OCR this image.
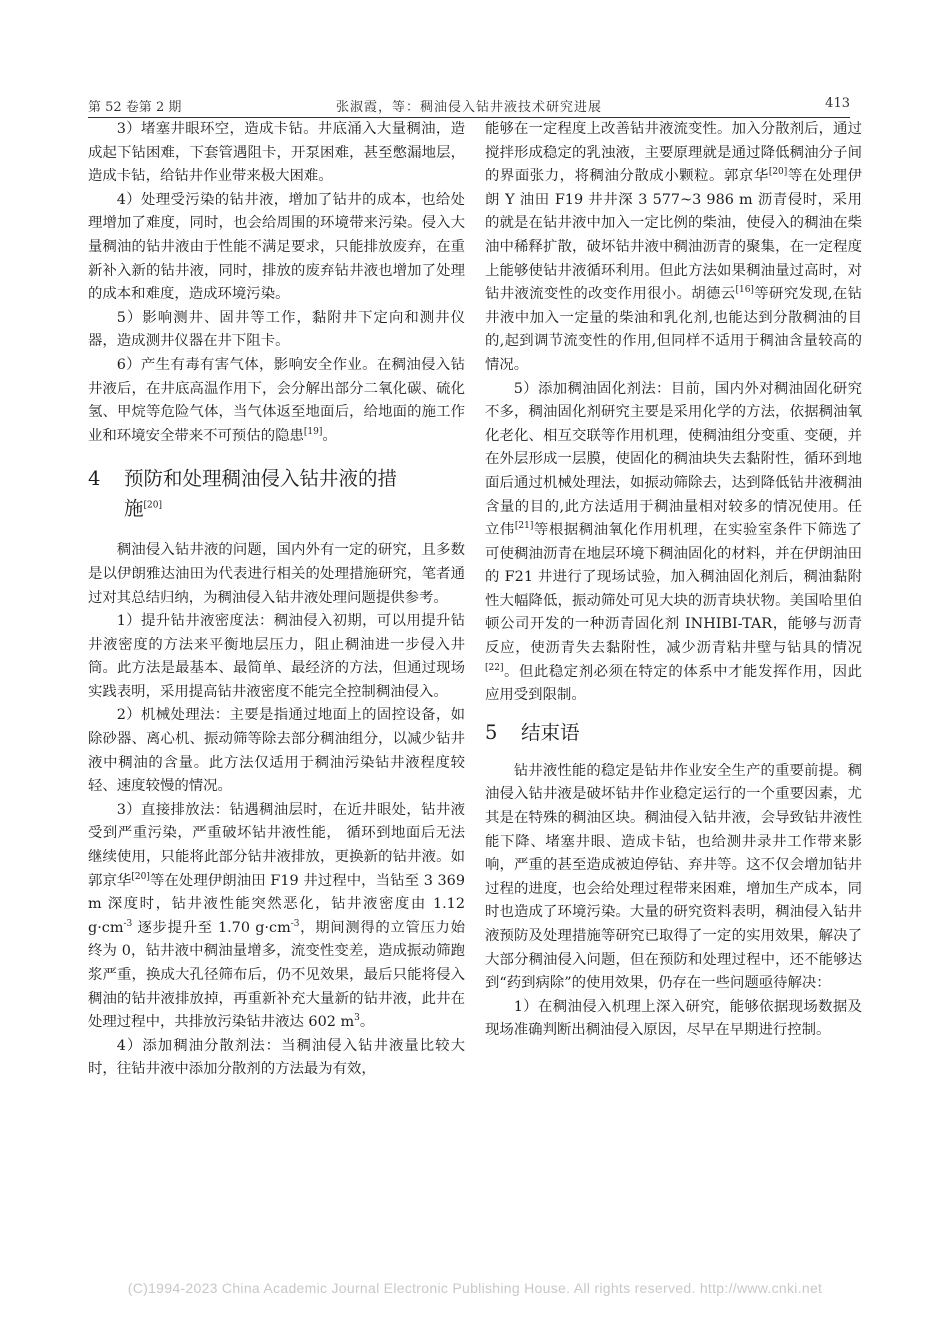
第 52 卷第 2 期	张淑霞，等：稠油侵入钻井液技术研究进展	413

3）堵塞井眼环空，造成卡钻。井底涌入大量稠油，造成起下钻困难，下套管遇阻卡，开泵困难，甚至憋漏地层，造成卡钻，给钻井作业带来极大困难。

4）处理受污染的钻井液，增加了钻井的成本，也给处理增加了难度，同时，也会给周围的环境带来污染。侵入大量稠油的钻井液由于性能不满足要求，只能排放废弃，在重新补入新的钻井液，同时，排放的废弃钻井液也增加了处理的成本和难度，造成环境污染。

5）影响测井、固井等工作，黏附井下定向和测井仪器，造成测井仪器在井下阻卡。

6）产生有毒有害气体，影响安全作业。在稠油侵入钻井液后，在井底高温作用下，会分解出部分二氧化碳、硫化氢、甲烷等危险气体，当气体返至地面后，给地面的施工作业和环境安全带来不可预估的隐患[19]。

4 预防和处理稠油侵入钻井液的措
施[20]

稠油侵入钻井液的问题，国内外有一定的研究，且多数是以伊朗雅达油田为代表进行相关的处理措施研究，笔者通过对其总结归纳，为稠油侵入钻井液处理问题提供参考。

1）提升钻井液密度法：稠油侵入初期，可以用提升钻井液密度的方法来平衡地层压力，阻止稠油进一步侵入井筒。此方法是最基本、最简单、最经济的方法，但通过现场实践表明，采用提高钻井液密度不能完全控制稠油侵入。

2）机械处理法：主要是指通过地面上的固控设备，如除砂器、离心机、振动筛等除去部分稠油组分，以减少钻井液中稠油的含量。此方法仅适用于稠油污染钻井液程度较轻、速度较慢的情况。

3）直接排放法：钻遇稠油层时，在近井眼处，钻井液受到严重污染，严重破坏钻井液性能， 循环到地面后无法继续使用，只能将此部分钻井液排放，更换新的钻井液。如郭京华[20]等在处理伊朗油田 F19 井过程中，当钻至 3 369 m 深度时，钻井液性能突然恶化，钻井液密度由 1.12 $g\cdot cm^{-3}$ 逐步提升至 1.70 $g\cdot cm^{-3}$，期间测得的立管压力始终为 0，钻井液中稠油量增多，流变性变差，造成振动筛跑浆严重，换成大孔径筛布后，仍不见效果，最后只能将侵入稠油的钻井液排放掉，再重新补充大量新的钻井液，此井在处理过程中，共排放污染钻井液达 602 $m^3$。

4）添加稠油分散剂法：当稠油侵入钻井液量比较大时，往钻井液中添加分散剂的方法最为有效，

能够在一定程度上改善钻井液流变性。加入分散剂后，通过搅拌形成稳定的乳浊液，主要原理就是通过降低稠油分子间的界面张力，将稠油分散成小颗粒。郭京华[20]等在处理伊朗 Y 油田 F19 井井深 3 577~3 986 m 沥青侵时，采用的就是在钻井液中加入一定比例的柴油，使侵入的稠油在柴油中稀释扩散，破坏钻井液中稠油沥青的聚集，在一定程度上能够使钻井液循环利用。但此方法如果稠油量过高时，对钻井液流变性的改变作用很小。胡德云[16]等研究发现,在钻井液中加入一定量的柴油和乳化剂,也能达到分散稠油的目的,起到调节流变性的作用,但同样不适用于稠油含量较高的情况。

5）添加稠油固化剂法：目前，国内外对稠油固化研究不多，稠油固化剂研究主要是采用化学的方法，依据稠油氧化老化、相互交联等作用机理，使稠油组分变重、变硬，并在外层形成一层膜，使固化的稠油块失去黏附性，循环到地面后通过机械处理法，如振动筛除去，达到降低钻井液稠油含量的目的,此方法适用于稠油量相对较多的情况使用。任立伟[21]等根据稠油氧化作用机理，在实验室条件下筛选了可使稠油沥青在地层环境下稠油固化的材料，并在伊朗油田的 F21 井进行了现场试验，加入稠油固化剂后，稠油黏附性大幅降低，振动筛处可见大块的沥青块状物。美国哈里伯顿公司开发的一种沥青固化剂 INHIBI-TAR，能够与沥青反应，使沥青失去黏附性，减少沥青粘井壁与钻具的情况[22]。但此稳定剂必须在特定的体系中才能发挥作用，因此应用受到限制。

5 结束语

钻井液性能的稳定是钻井作业安全生产的重要前提。稠油侵入钻井液是破坏钻井作业稳定运行的一个重要因素，尤其是在特殊的稠油区块。稠油侵入钻井液，会导致钻井液性能下降、堵塞井眼、造成卡钻，也给测井录井工作带来影响，严重的甚至造成被迫停钻、弃井等。这不仅会增加钻井过程的进度，也会给处理过程带来困难，增加生产成本，同时也造成了环境污染。大量的研究资料表明，稠油侵入钻井液预防及处理措施等研究已取得了一定的实用效果，解决了大部分稠油侵入问题，但在预防和处理过程中，还不能够达到“药到病除”的使用效果，仍存在一些问题亟待解决：

1）在稠油侵入机理上深入研究，能够依据现场数据及现场准确判断出稠油侵入原因，尽早在早期进行控制。

(C)1994-2023 China Academic Journal Electronic Publishing House. All rights reserved. http://www.cnki.net
